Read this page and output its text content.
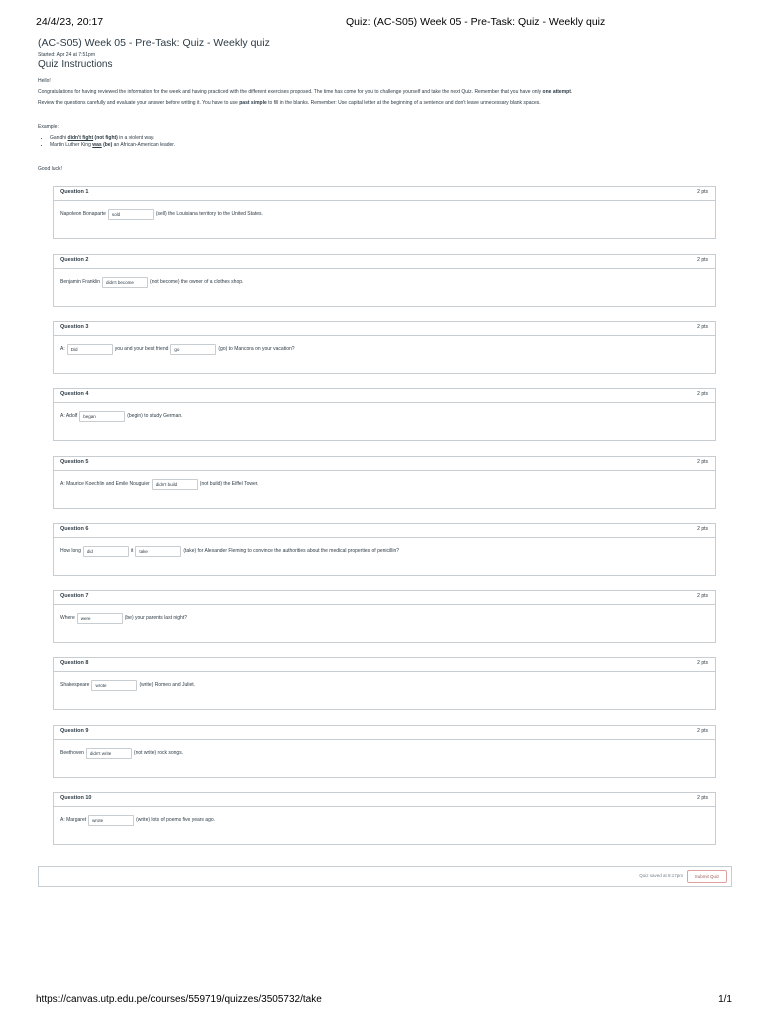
24/4/23, 20:17	Quiz: (AC-S05) Week 05 - Pre-Task: Quiz - Weekly quiz
(AC-S05) Week 05 - Pre-Task: Quiz - Weekly quiz
Started: Apr 24 at 7:51pm
Quiz Instructions

Hello!

Congratulations for having reviewed the information for the week and having practiced with the different exercises proposed. The time has come for you to challenge yourself and take the next Quiz. Remember that you have only one attempt.

Review the questions carefully and evaluate your answer before writing it. You have to use past simple to fill in the blanks. Remember: Use capital letter at the beginning of a sentence and don't leave unnecessary blank spaces.

Example:

• Gandhi didn't fight (not fight) in a violent way.
• Martin Luther King was (be) an African-American leader.

Good luck!

Question 1	2 pts
Napoleon Bonaparte	sold	(sell) the Louisiana territory to the United States.
Question 2	2 pts
Benjamin Franklin	didn't become	(not become) the owner of a clothes shop.
Question 3	2 pts
A:	Did	you and your best friend	go	(go) to Mancora on your vacation?
Question 4	2 pts
A: Adolf	began	(begin) to study German.
Question 5	2 pts
A: Maurice Koechlin and Emile Nouguier	didn't build	(not build) the Eiffel Tower.
Question 6	2 pts
How long	did	it	take	(take) for Alexander Fleming to convince the authorities about the medical properties of penicillin?
Question 7	2 pts
Where	were	(be) your parents last night?
Question 8	2 pts
Shakespeare	wrote	(write) Romeo and Juliet.
Question 9	2 pts
Beethoven	didn't write	(not write) rock songs.
Question 10	2 pts
A: Margaret	wrote	(write) lots of poems five years ago.
Quiz saved at 8:17pm	Submit Quiz
https://canvas.utp.edu.pe/courses/559719/quizzes/3505732/take	1/1
